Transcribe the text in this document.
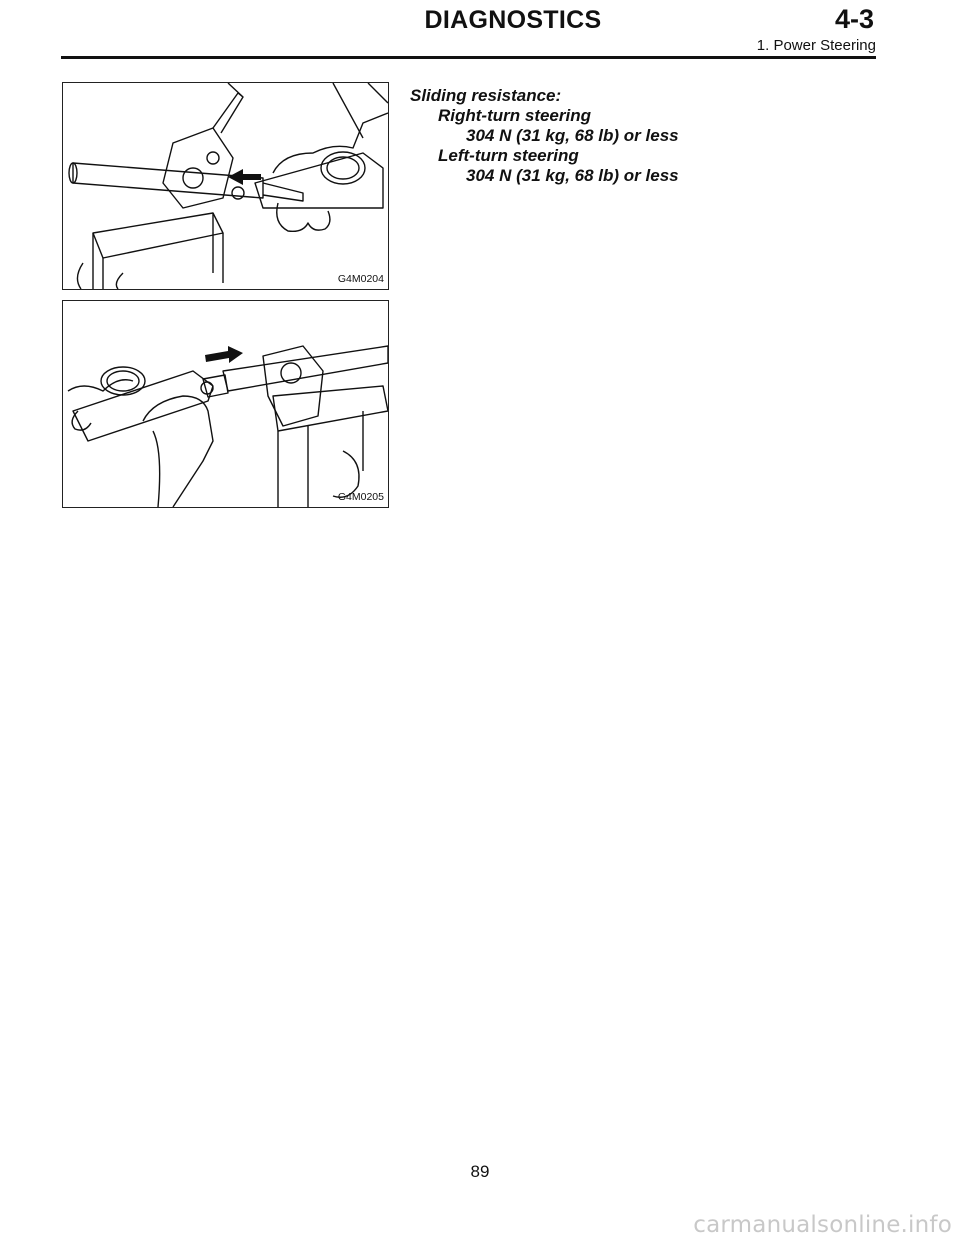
DIAGNOSTICS	4-3
1. Power Steering
G4M0204
G4M0205
Sliding resistance:
Right-turn steering
304 N (31 kg, 68 lb) or less
Left-turn steering
304 N (31 kg, 68 lb) or less
89
carmanualsonline.info
